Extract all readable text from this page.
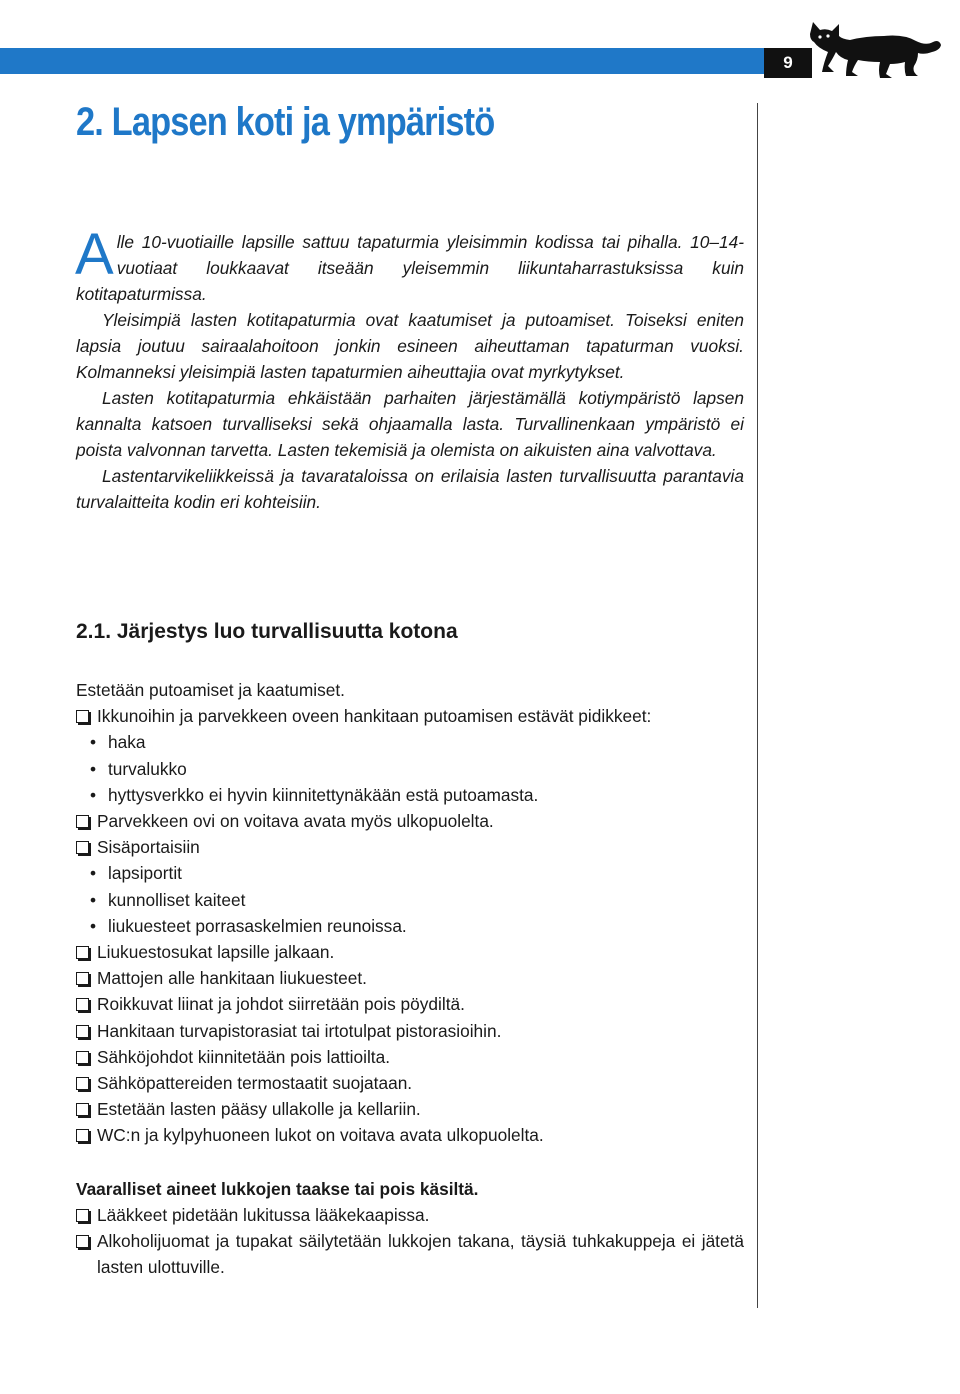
9
2. Lapsen koti ja ympäristö

Alle 10-vuotiaille lapsille sattuu tapaturmia yleisimmin kodissa tai pihalla. 10–14-vuotiaat loukkaavat itseään yleisemmin liikuntaharrastuksissa kuin kotitapaturmissa.

Yleisimpiä lasten kotitapaturmia ovat kaatumiset ja putoamiset. Toiseksi eniten lapsia joutuu sairaalahoitoon jonkin esineen aiheuttaman tapaturman vuoksi. Kolmanneksi yleisimpiä lasten tapaturmien aiheuttajia ovat myrkytykset.

Lasten kotitapaturmia ehkäistään parhaiten järjestämällä kotiympäristö lapsen kannalta katsoen turvalliseksi sekä ohjaamalla lasta. Turvallinenkaan ympäristö ei poista valvonnan tarvetta. Lasten tekemisiä ja olemista on aikuisten aina valvottava.

Lastentarvikeliikkeissä ja tavarataloissa on erilaisia lasten turvallisuutta parantavia turvalaitteita kodin eri kohteisiin.

2.1. Järjestys luo turvallisuutta kotona

Estetään putoamiset ja kaatumiset.

Ikkunoihin ja parvekkeen oveen hankitaan putoamisen estävät pidikkeet:
• haka
• turvalukko
• hyttysverkko ei hyvin kiinnitettynäkään estä putoamasta.
Parvekkeen ovi on voitava avata myös ulkopuolelta.
Sisäportaisiin
• lapsiportit
• kunnolliset kaiteet
• liukuesteet porrasaskelmien reunoissa.
Liukuestosukat lapsille jalkaan.
Mattojen alle hankitaan liukuesteet.
Roikkuvat liinat ja johdot siirretään pois pöydiltä.
Hankitaan turvapistorasiat tai irtotulpat pistorasioihin.
Sähköjohdot kiinnitetään pois lattioilta.
Sähköpattereiden termostaatit suojataan.
Estetään lasten pääsy ullakolle ja kellariin.
WC:n ja kylpyhuoneen lukot on voitava avata ulkopuolelta.

Vaaralliset aineet lukkojen taakse tai pois käsiltä.

Lääkkeet pidetään lukitussa lääkekaapissa.
Alkoholijuomat ja tupakat säilytetään lukkojen takana, täysiä tuhkakuppeja ei jätetä lasten ulottuville.
